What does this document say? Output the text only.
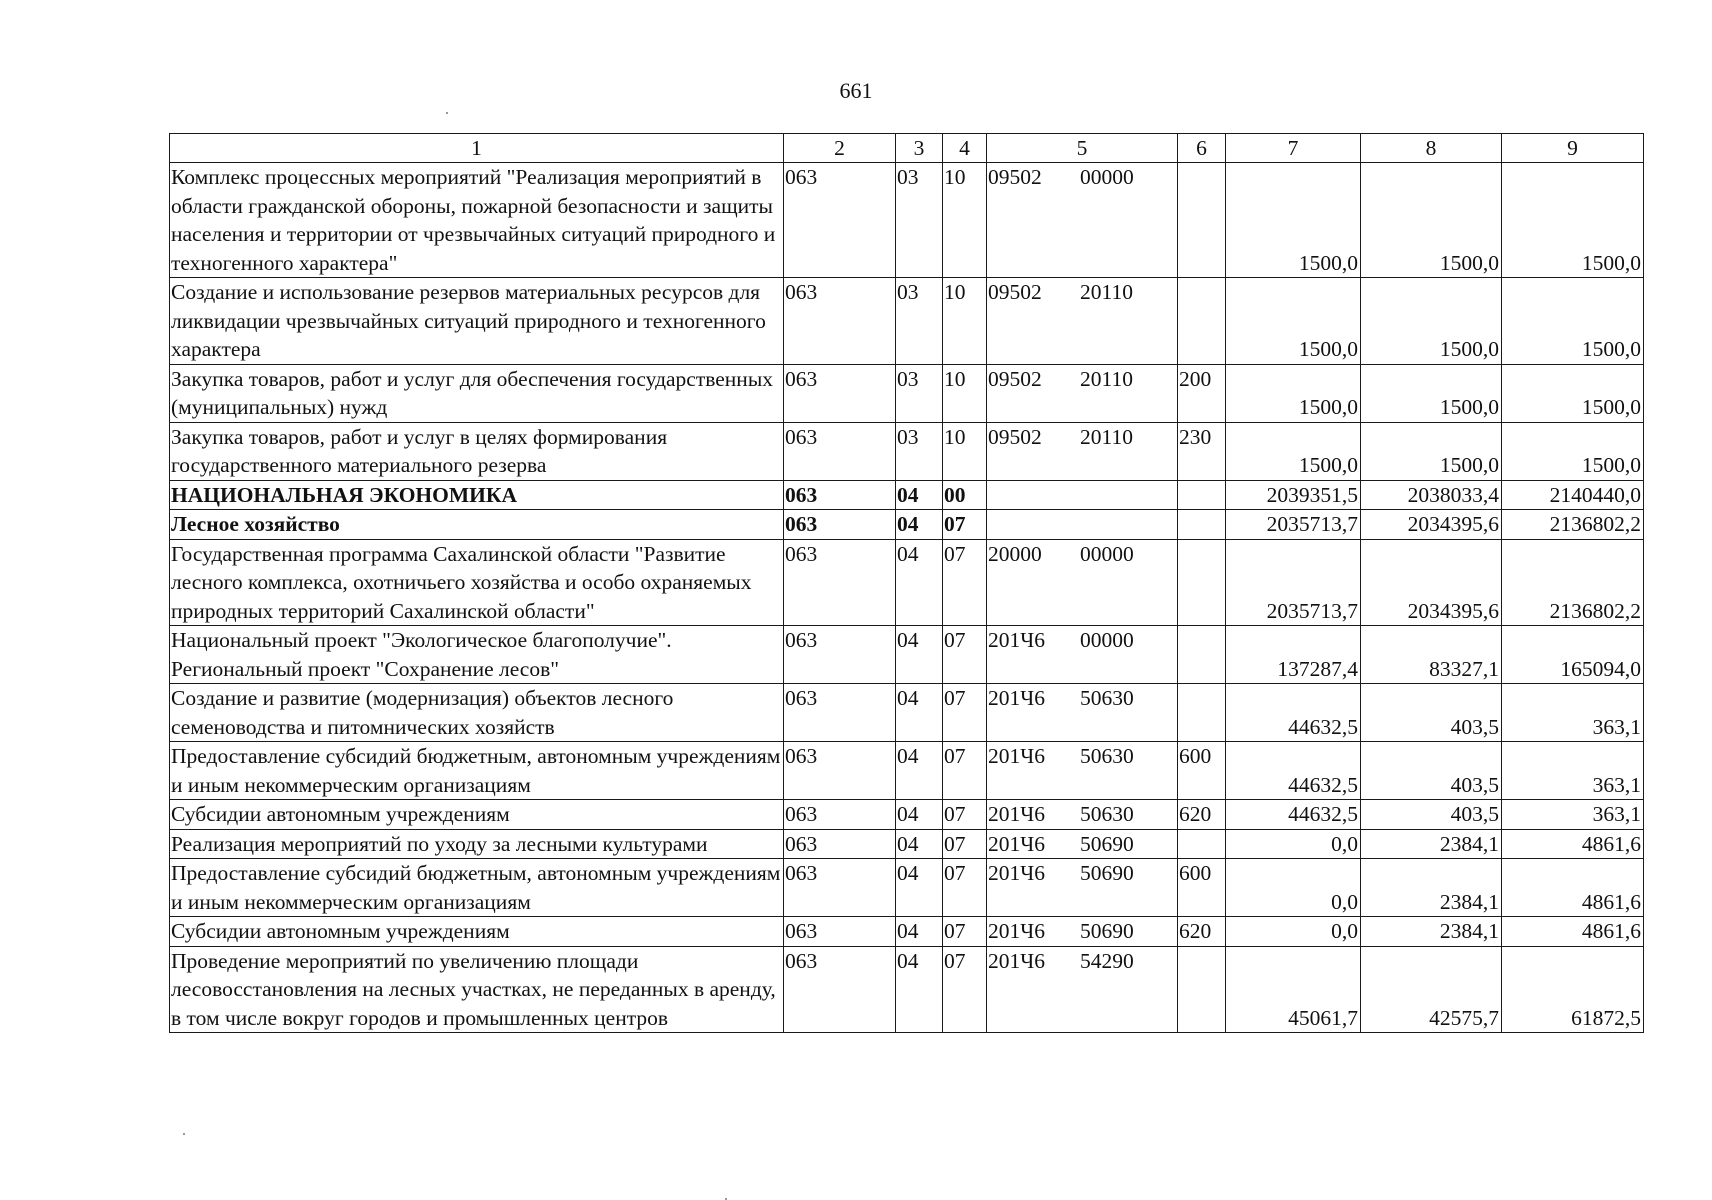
661
1	2	3	4	5	6	7	8	9
Комплекс процессных мероприятий "Реализация мероприятий в области гражданской обороны, пожарной безопасности и защиты населения и территории от чрезвычайных ситуаций природного и техногенного характера"	063	03	10	09502 00000		1500,0	1500,0	1500,0
Создание и использование резервов материальных ресурсов для ликвидации чрезвычайных ситуаций природного и техногенного характера	063	03	10	09502 20110		1500,0	1500,0	1500,0
Закупка товаров, работ и услуг для обеспечения государственных (муниципальных) нужд	063	03	10	09502 20110	200	1500,0	1500,0	1500,0
Закупка товаров, работ и услуг в целях формирования государственного материального резерва	063	03	10	09502 20110	230	1500,0	1500,0	1500,0
НАЦИОНАЛЬНАЯ ЭКОНОМИКА	063	04	00			2039351,5	2038033,4	2140440,0
Лесное хозяйство	063	04	07			2035713,7	2034395,6	2136802,2
Государственная программа Сахалинской области "Развитие лесного комплекса, охотничьего хозяйства и особо охраняемых природных территорий Сахалинской области"	063	04	07	20000 00000		2035713,7	2034395,6	2136802,2
Национальный проект "Экологическое благополучие". Региональный проект "Сохранение лесов"	063	04	07	201Ч6 00000		137287,4	83327,1	165094,0
Создание и развитие (модернизация) объектов лесного семеноводства и питомнических хозяйств	063	04	07	201Ч6 50630		44632,5	403,5	363,1
Предоставление субсидий бюджетным, автономным учреждениям и иным некоммерческим организациям	063	04	07	201Ч6 50630	600	44632,5	403,5	363,1
Субсидии автономным учреждениям	063	04	07	201Ч6 50630	620	44632,5	403,5	363,1
Реализация мероприятий по уходу за лесными культурами	063	04	07	201Ч6 50690		0,0	2384,1	4861,6
Предоставление субсидий бюджетным, автономным учреждениям и иным некоммерческим организациям	063	04	07	201Ч6 50690	600	0,0	2384,1	4861,6
Субсидии автономным учреждениям	063	04	07	201Ч6 50690	620	0,0	2384,1	4861,6
Проведение мероприятий по увеличению площади лесовосстановления на лесных участках, не переданных в аренду, в том числе вокруг городов и промышленных центров	063	04	07	201Ч6 54290		45061,7	42575,7	61872,5
